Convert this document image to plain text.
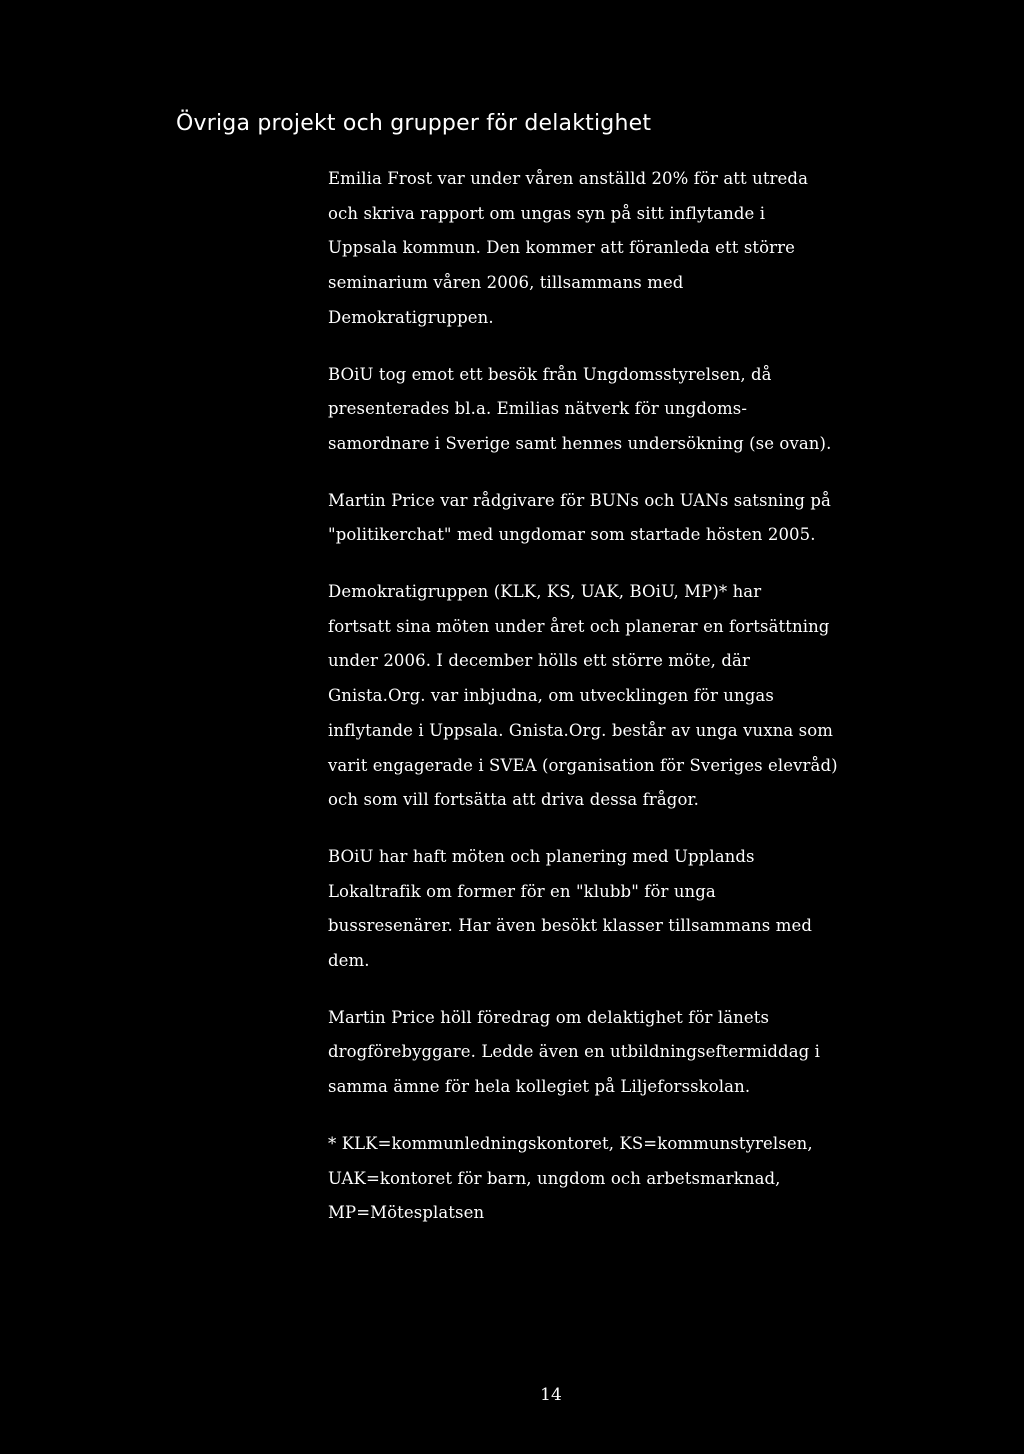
Övriga projekt och grupper för delaktighet

Emilia Frost var under våren anställd 20% för att utreda
och skriva rapport om ungas syn på sitt inflytande i
Uppsala kommun. Den kommer att föranleda ett större
seminarium våren 2006, tillsammans med
Demokratigruppen.

BOiU tog emot ett besök från Ungdomsstyrelsen, då
presenterades bl.a. Emilias nätverk för ungdoms-
samordnare i Sverige samt hennes undersökning (se ovan).

Martin Price var rådgivare för BUNs och UANs satsning på
"politikerchat" med ungdomar som startade hösten 2005.

Demokratigruppen (KLK, KS, UAK, BOiU, MP)* har
fortsatt sina möten under året och planerar en fortsättning
under 2006. I december hölls ett större möte, där
Gnista.Org. var inbjudna, om utvecklingen för ungas
inflytande i Uppsala. Gnista.Org. består av unga vuxna som
varit engagerade i SVEA (organisation för Sveriges elevråd)
och som vill fortsätta att driva dessa frågor.

BOiU har haft möten och planering med Upplands
Lokaltrafik om former för en "klubb" för unga
bussresenärer. Har även besökt klasser tillsammans med
dem.

Martin Price höll föredrag om delaktighet för länets
drogförebyggare. Ledde även en utbildningseftermiddag i
samma ämne för hela kollegiet på Liljeforsskolan.

* KLK=kommunledningskontoret, KS=kommunstyrelsen,
UAK=kontoret för barn, ungdom och arbetsmarknad,
MP=Mötesplatsen

14
